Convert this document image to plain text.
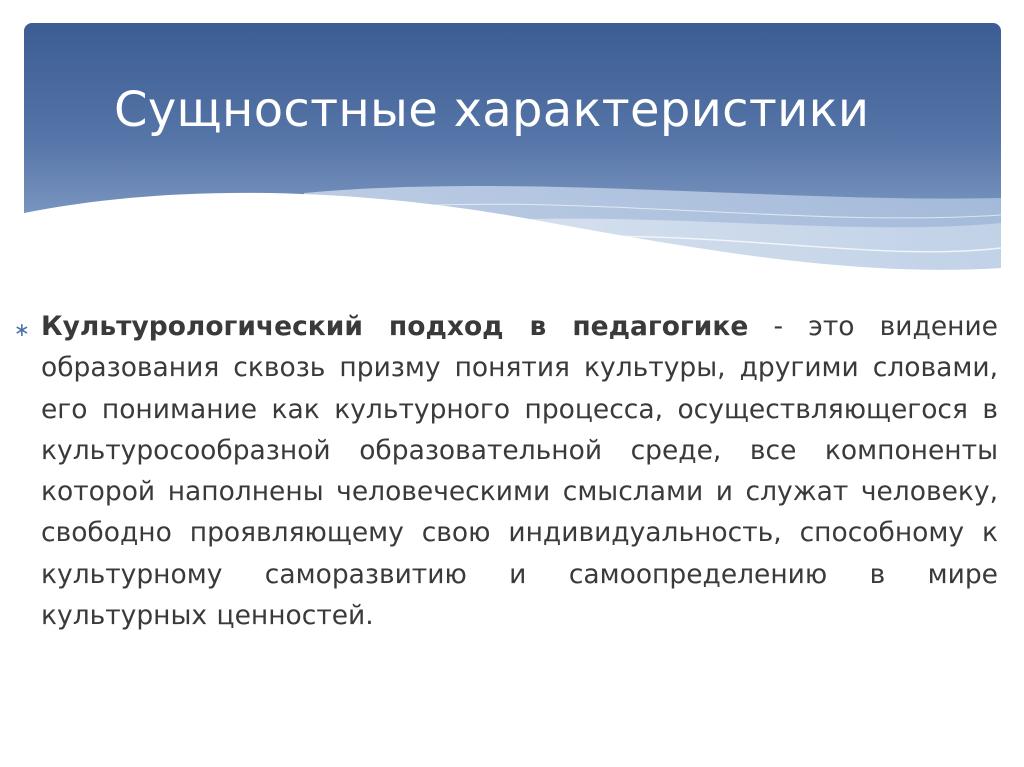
Сущностные характеристики
∗ Культурологический подход в педагогике - это видение образования сквозь призму понятия культуры, другими словами, его понимание как культурного процесса, осуществляющегося в культуросообразной образовательной среде, все компоненты которой наполнены человеческими смыслами и служат человеку, свободно проявляющему свою индивидуальность, способному к культурному саморазвитию и самоопределению в мире культурных ценностей.
